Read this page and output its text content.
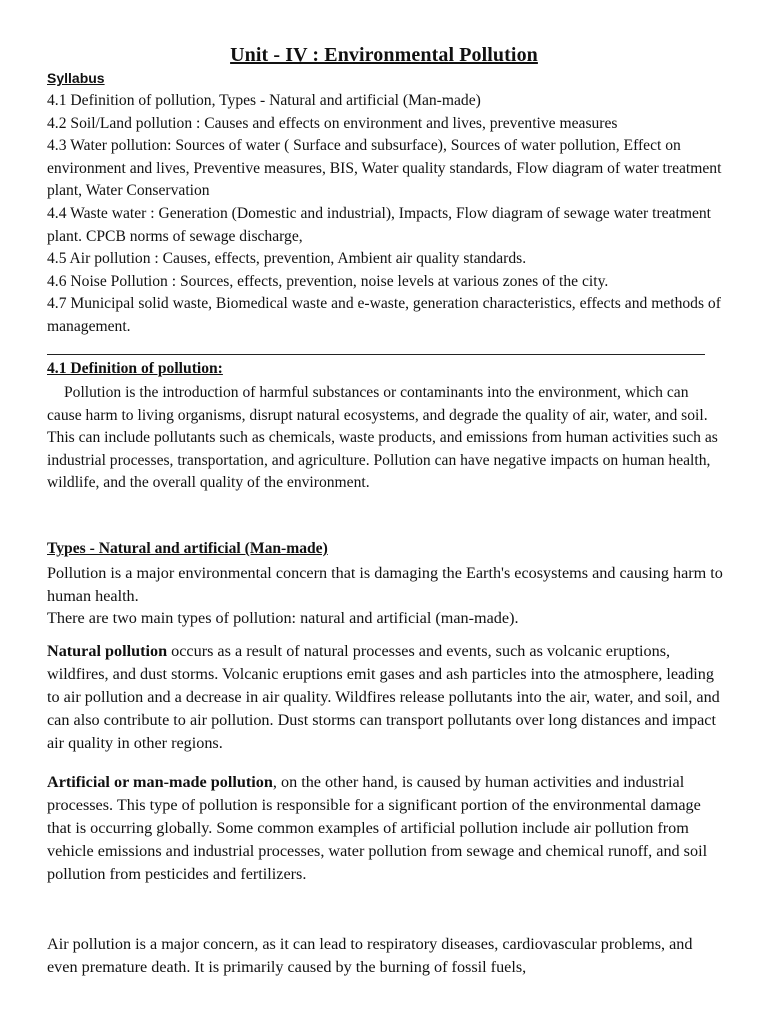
Unit - IV : Environmental Pollution
Syllabus

4.1 Definition of pollution, Types - Natural and artificial (Man-made)

4.2 Soil/Land pollution : Causes and effects on environment and lives, preventive measures

4.3 Water pollution: Sources of water ( Surface and subsurface), Sources of water pollution, Effect on environment and lives, Preventive measures, BIS, Water quality standards, Flow diagram of water treatment plant, Water Conservation

4.4 Waste water : Generation (Domestic and industrial), Impacts, Flow diagram of sewage water treatment plant. CPCB norms of sewage discharge,

4.5 Air pollution : Causes, effects, prevention, Ambient air quality standards.

4.6 Noise Pollution : Sources, effects, prevention, noise levels at various zones of the city.

4.7 Municipal solid waste, Biomedical waste and e-waste, generation characteristics, effects and methods of management.

4.1 Definition of pollution:

Pollution is the introduction of harmful substances or contaminants into the environment, which can cause harm to living organisms, disrupt natural ecosystems, and degrade the quality of air, water, and soil. This can include pollutants such as chemicals, waste products, and emissions from human activities such as industrial processes, transportation, and agriculture. Pollution can have negative impacts on human health, wildlife, and the overall quality of the environment.

Types - Natural and artificial (Man-made)

Pollution is a major environmental concern that is damaging the Earth's ecosystems and causing harm to human health.
There are two main types of pollution: natural and artificial (man-made).

Natural pollution occurs as a result of natural processes and events, such as volcanic eruptions, wildfires, and dust storms. Volcanic eruptions emit gases and ash particles into the atmosphere, leading to air pollution and a decrease in air quality. Wildfires release pollutants into the air, water, and soil, and can also contribute to air pollution. Dust storms can transport pollutants over long distances and impact air quality in other regions.

Artificial or man-made pollution, on the other hand, is caused by human activities and industrial processes. This type of pollution is responsible for a significant portion of the environmental damage that is occurring globally. Some common examples of artificial pollution include air pollution from vehicle emissions and industrial processes, water pollution from sewage and chemical runoff, and soil pollution from pesticides and fertilizers.

Air pollution is a major concern, as it can lead to respiratory diseases, cardiovascular problems, and even premature death. It is primarily caused by the burning of fossil fuels,
